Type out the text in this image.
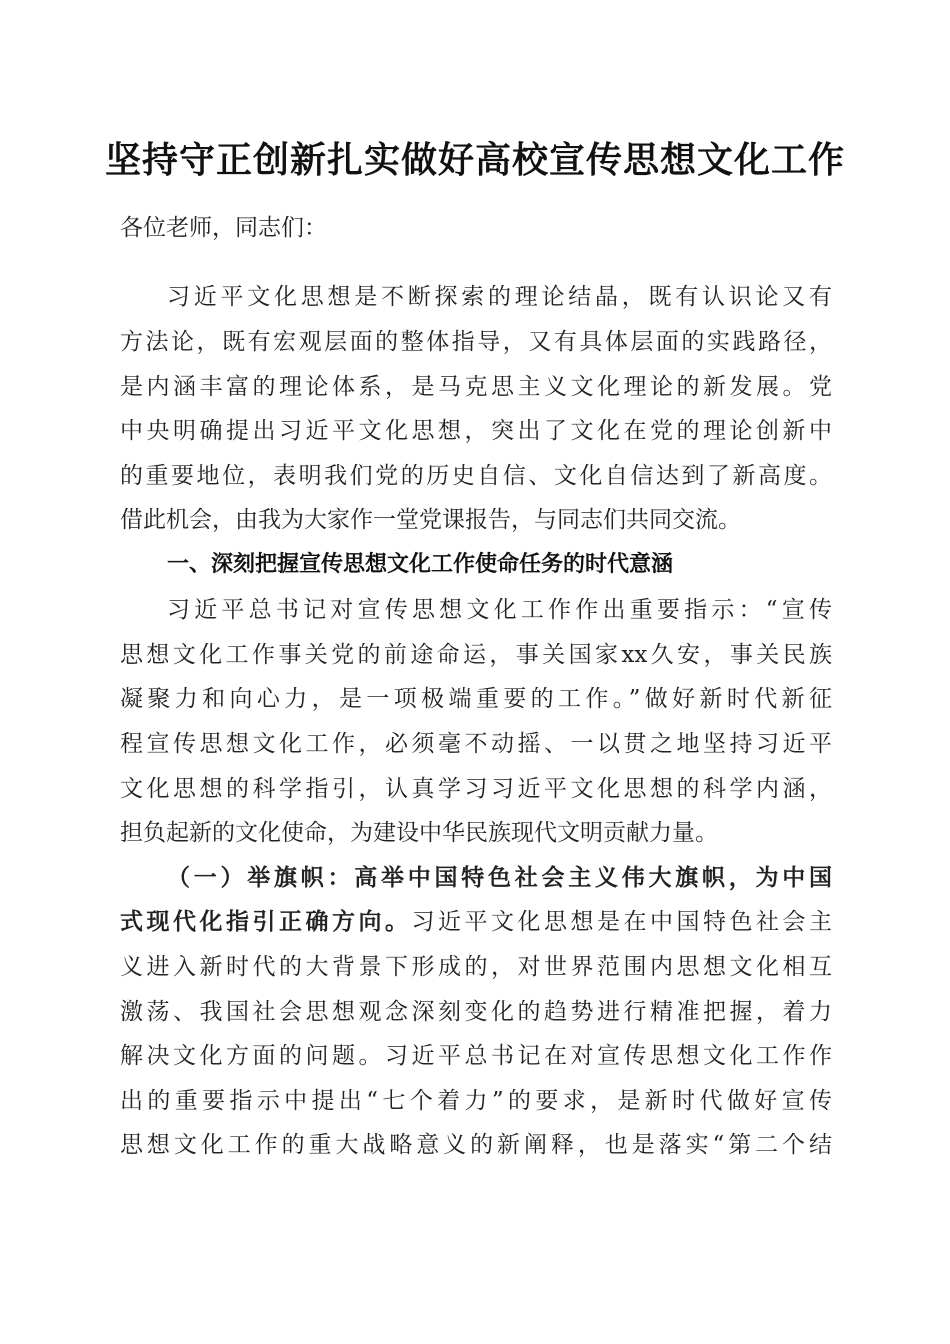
坚持守正创新扎实做好高校宣传思想文化工作
各位老师，同志们：
习近平文化思想是不断探索的理论结晶，既有认识论又有
方法论，既有宏观层面的整体指导，又有具体层面的实践路径，
是内涵丰富的理论体系，是马克思主义文化理论的新发展。党
中央明确提出习近平文化思想，突出了文化在党的理论创新中
的重要地位，表明我们党的历史自信、文化自信达到了新高度。
借此机会，由我为大家作一堂党课报告，与同志们共同交流。
一、深刻把握宣传思想文化工作使命任务的时代意涵
习近平总书记对宣传思想文化工作作出重要指示：“宣传
思想文化工作事关党的前途命运，事关国家xx久安，事关民族
凝聚力和向心力，是一项极端重要的工作。”做好新时代新征
程宣传思想文化工作，必须毫不动摇、一以贯之地坚持习近平
文化思想的科学指引，认真学习习近平文化思想的科学内涵，
担负起新的文化使命，为建设中华民族现代文明贡献力量。
（一）举旗帜：高举中国特色社会主义伟大旗帜，为中国
式现代化指引正确方向。习近平文化思想是在中国特色社会主
义进入新时代的大背景下形成的，对世界范围内思想文化相互
激荡、我国社会思想观念深刻变化的趋势进行精准把握，着力
解决文化方面的问题。习近平总书记在对宣传思想文化工作作
出的重要指示中提出“七个着力”的要求，是新时代做好宣传
思想文化工作的重大战略意义的新阐释，也是落实“第二个结
